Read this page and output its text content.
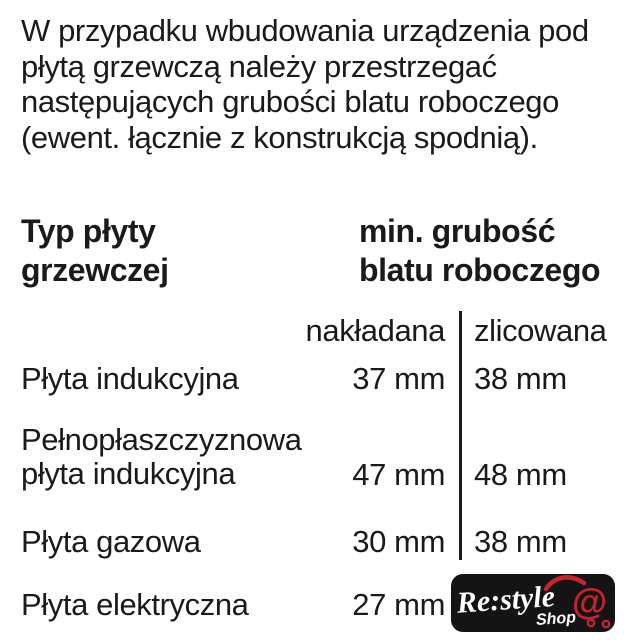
W przypadku wbudowania urządzenia pod
płytą grzewczą należy przestrzegać
następujących grubości blatu roboczego
(ewent. łącznie z konstrukcją spodnią).
Typ płyty
grzewczej
min. grubość
blatu roboczego
nakładana zlicowana
Płyta indukcyjna	37 mm 38 mm
Pełnopłaszczyznowa
płyta indukcyjna	47 mm 48 mm
Płyta gazowa	30 mm 38 mm
Płyta elektryczna	27 mm Re:style
Shop
@
